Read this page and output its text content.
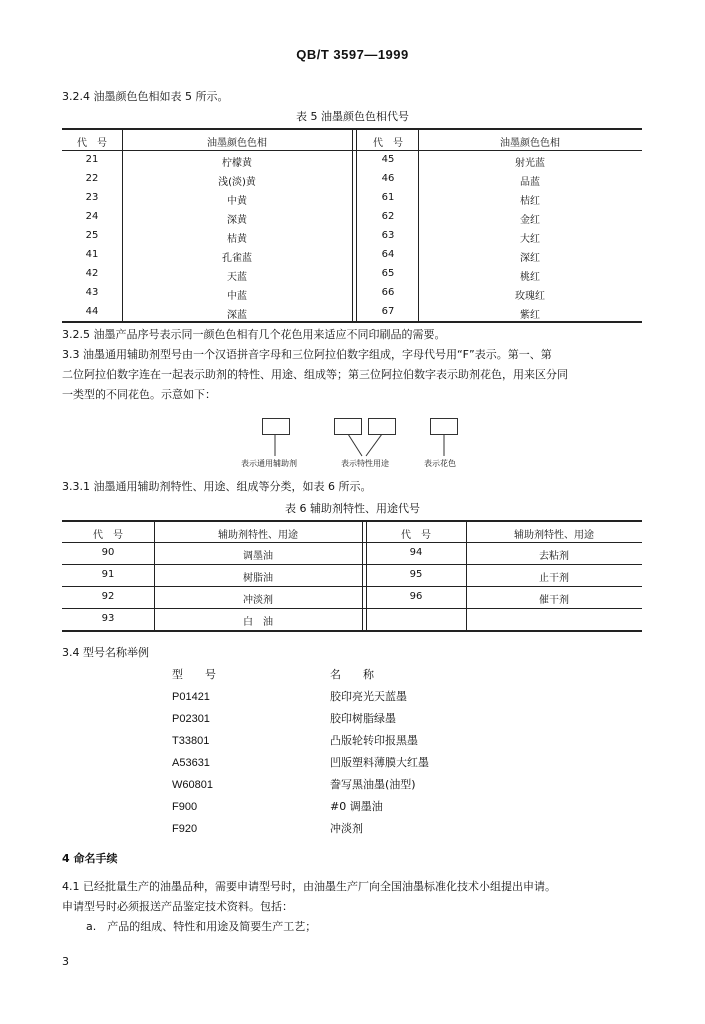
QB/T 3597—1999
3.2.4 油墨颜色色相如表 5 所示。
表 5 油墨颜色色相代号
代　号	油墨颜色色相	代　号	油墨颜色色相
21	柠檬黄	45	射光蓝
22	浅(淡)黄	46	品蓝
23	中黄	61	桔红
24	深黄	62	金红
25	桔黄	63	大红
41	孔雀蓝	64	深红
42	天蓝	65	桃红
43	中蓝	66	玫瑰红
44	深蓝	67	紫红
3.2.5 油墨产品序号表示同一颜色色相有几个花色用来适应不同印刷品的需要。
3.3 油墨通用辅助剂型号由一个汉语拼音字母和三位阿拉伯数字组成，字母代号用“F”表示。第一、第
二位阿拉伯数字连在一起表示助剂的特性、用途、组成等；第三位阿拉伯数字表示助剂花色，用来区分同
一类型的不同花色。示意如下：
表示通用辅助剂	表示特性用途	表示花色
3.3.1 油墨通用辅助剂特性、用途、组成等分类，如表 6 所示。
表 6 辅助剂特性、用途代号
代　号	辅助剂特性、用途	代　号	辅助剂特性、用途
90	调墨油	94	去粘剂
91	树脂油	95	止干剂
92	冲淡剂	96	催干剂
93	白　油
3.4 型号名称举例
型　　号	名　　称
P01421	胶印亮光天蓝墨
P02301	胶印树脂绿墨
T33801	凸版轮转印报黑墨
A53631	凹版塑料薄膜大红墨
W60801	誊写黑油墨(油型)
F900	#0 调墨油
F920	冲淡剂
4 命名手续
4.1 已经批量生产的油墨品种，需要申请型号时，由油墨生产厂向全国油墨标准化技术小组提出申请。
申请型号时必须报送产品鉴定技术资料。包括：
a.　产品的组成、特性和用途及简要生产工艺；
3
